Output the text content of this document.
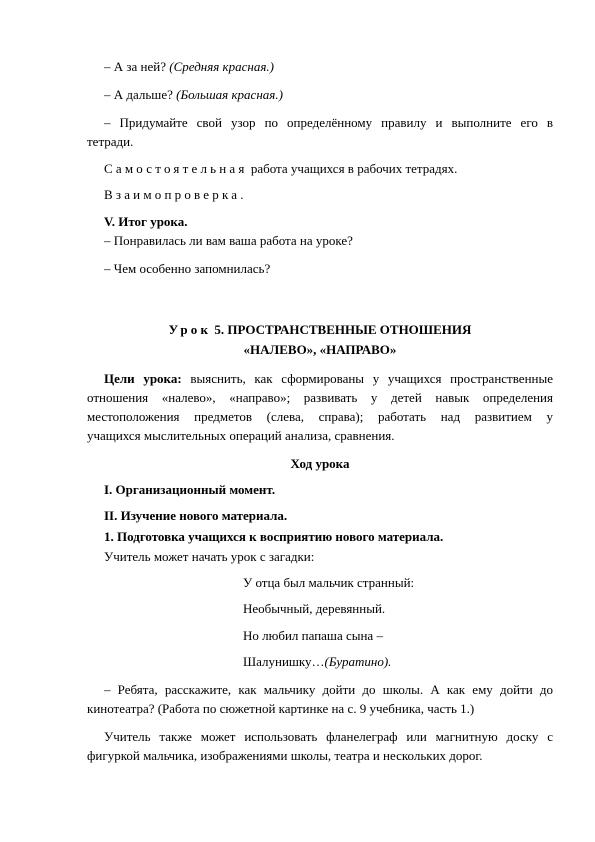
– А за ней? (Средняя красная.)
– А дальше? (Большая красная.)
– Придумайте свой узор по определённому правилу и выполните его в
тетради.
Самостоятельная работа учащихся в рабочих тетрадях.
Взаимопроверка.
V. Итог урока.
– Понравилась ли вам ваша работа на уроке?
– Чем особенно запомнилась?
Урок 5. ПРОСТРАНСТВЕННЫЕ ОТНОШЕНИЯ
«НАЛЕВО», «НАПРАВО»
Цели урока: выяснить, как сформированы у учащихся пространственные
отношения «налево», «направо»; развивать у детей навык определения
местоположения предметов (слева, справа); работать над развитием у
учащихся мыслительных операций анализа, сравнения.
Ход урока
I. Организационный момент.
II. Изучение нового материала.
1. Подготовка учащихся к восприятию нового материала.
Учитель может начать урок с загадки:
У отца был мальчик странный:
Необычный, деревянный.
Но любил папаша сына –
Шалунишку…(Буратино).
– Ребята, расскажите, как мальчику дойти до школы. А как ему дойти до
кинотеатра? (Работа по сюжетной картинке на с. 9 учебника, часть 1.)
Учитель также может использовать фланелеграф или магнитную доску с
фигуркой мальчика, изображениями школы, театра и нескольких дорог.
